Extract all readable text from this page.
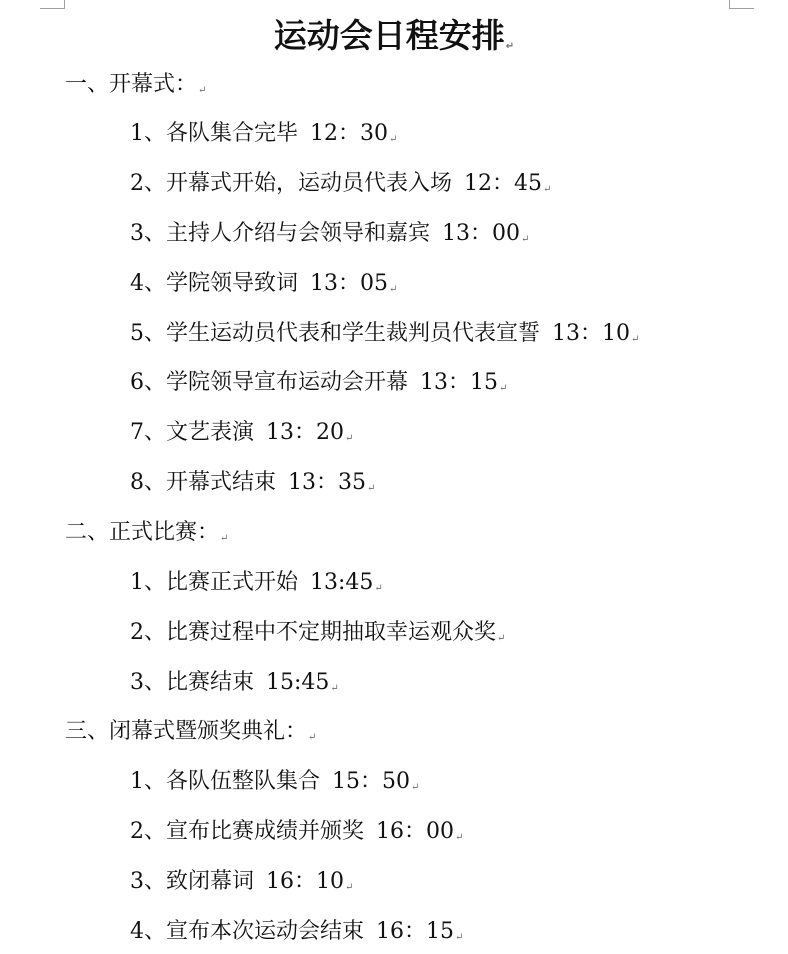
运动会日程安排↵
一、开幕式：↵
1、各队集合完毕 12：30↵
2、开幕式开始，运动员代表入场 12：45↵
3、主持人介绍与会领导和嘉宾 13：00↵
4、学院领导致词 13：05↵
5、学生运动员代表和学生裁判员代表宣誓 13：10↵
6、学院领导宣布运动会开幕 13：15↵
7、文艺表演 13：20↵
8、开幕式结束 13：35↵
二、正式比赛：↵
1、比赛正式开始 13:45↵
2、比赛过程中不定期抽取幸运观众奖↵
3、比赛结束 15:45↵
三、闭幕式暨颁奖典礼：↵
1、各队伍整队集合 15：50↵
2、宣布比赛成绩并颁奖 16：00↵
3、致闭幕词 16：10↵
4、宣布本次运动会结束 16：15↵
